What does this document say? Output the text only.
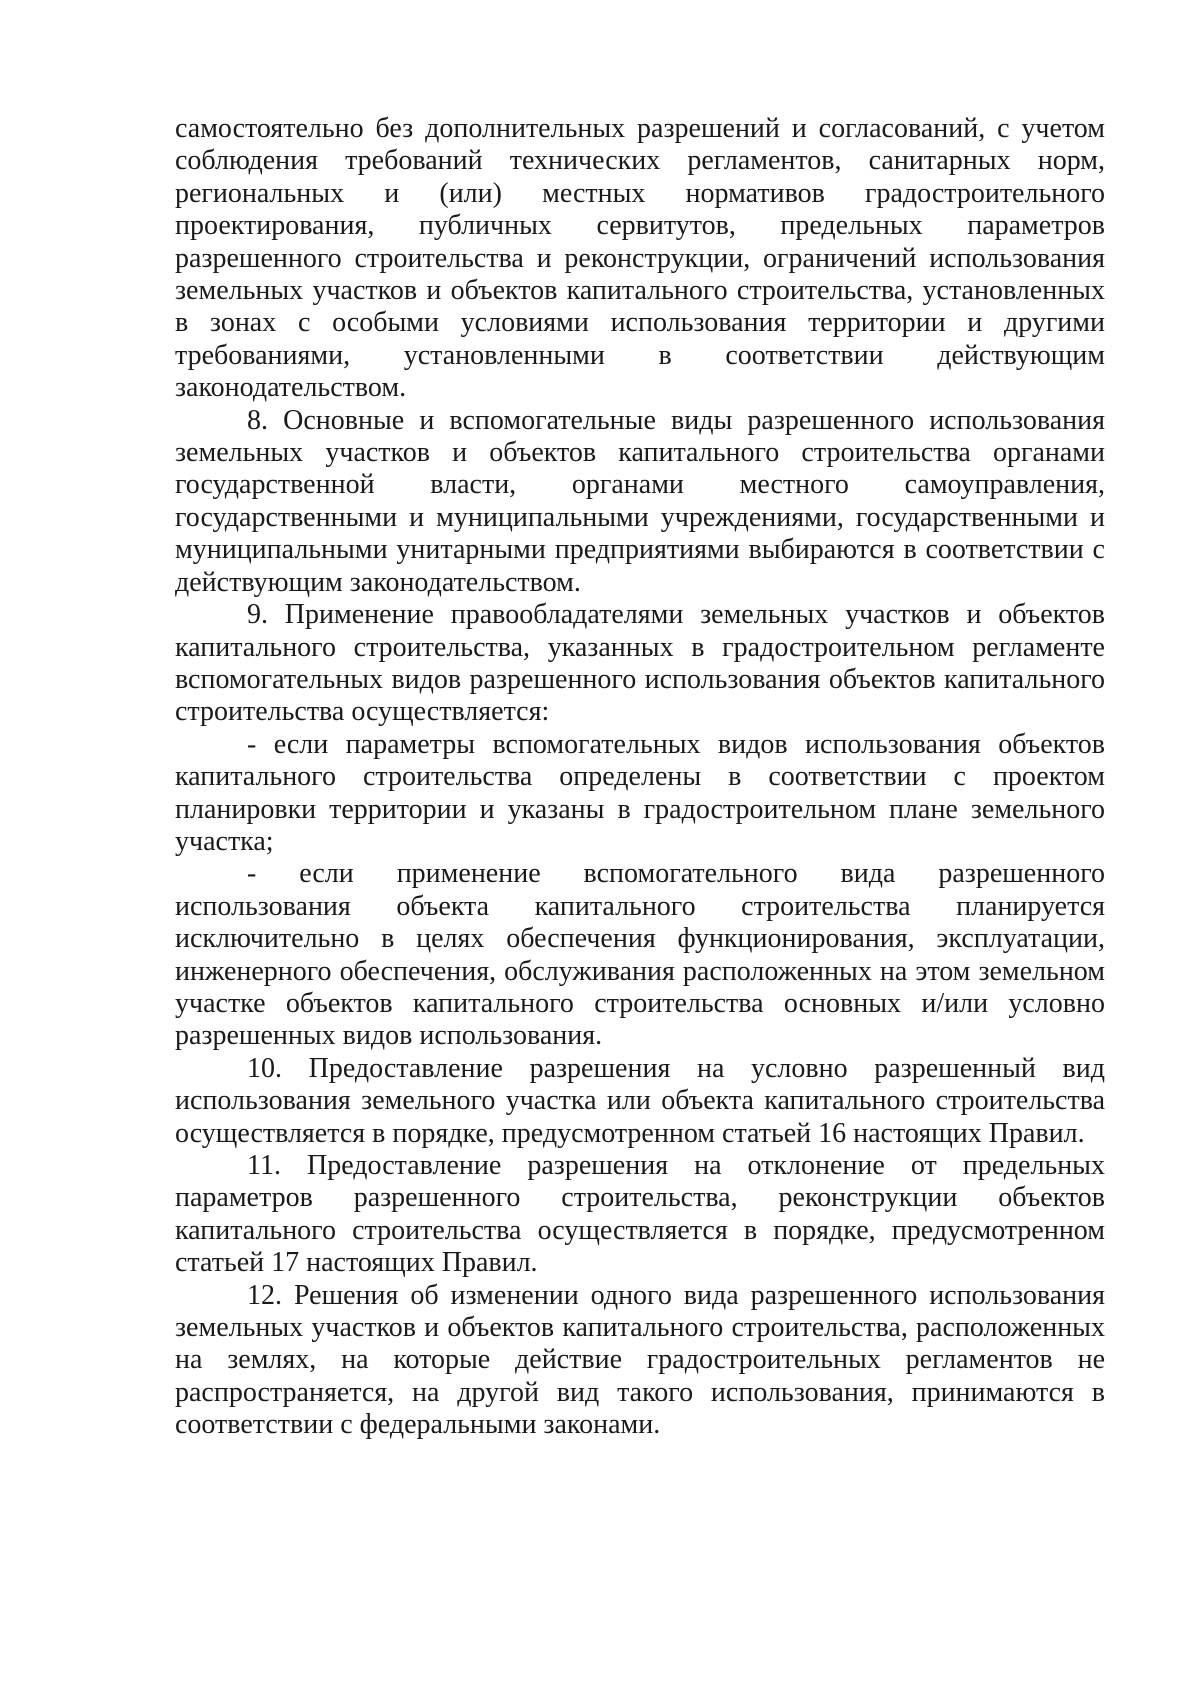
самостоятельно без дополнительных разрешений и согласований, с учетом соблюдения требований технических регламентов, санитарных норм, региональных и (или) местных нормативов градостроительного проектирования, публичных сервитутов, предельных параметров разрешенного строительства и реконструкции, ограничений использования земельных участков и объектов капитального строительства, установленных в зонах с особыми условиями использования территории и другими требованиями, установленными в соответствии действующим законодательством.

8. Основные и вспомогательные виды разрешенного использования земельных участков и объектов капитального строительства органами государственной власти, органами местного самоуправления, государственными и муниципальными учреждениями, государственными и муниципальными унитарными предприятиями выбираются в соответствии с действующим законодательством.

9. Применение правообладателями земельных участков и объектов капитального строительства, указанных в градостроительном регламенте вспомогательных видов разрешенного использования объектов капитального строительства осуществляется:

- если параметры вспомогательных видов использования объектов капитального строительства определены в соответствии с проектом планировки территории и указаны в градостроительном плане земельного участка;

- если применение вспомогательного вида разрешенного использования объекта капитального строительства планируется исключительно в целях обеспечения функционирования, эксплуатации, инженерного обеспечения, обслуживания расположенных на этом земельном участке объектов капитального строительства основных и/или условно разрешенных видов использования.

10. Предоставление разрешения на условно разрешенный вид использования земельного участка или объекта капитального строительства осуществляется в порядке, предусмотренном статьей 16 настоящих Правил.

11. Предоставление разрешения на отклонение от предельных параметров разрешенного строительства, реконструкции объектов капитального строительства осуществляется в порядке, предусмотренном статьей 17 настоящих Правил.

12. Решения об изменении одного вида разрешенного использования земельных участков и объектов капитального строительства, расположенных на землях, на которые действие градостроительных регламентов не распространяется, на другой вид такого использования, принимаются в соответствии с федеральными законами.
